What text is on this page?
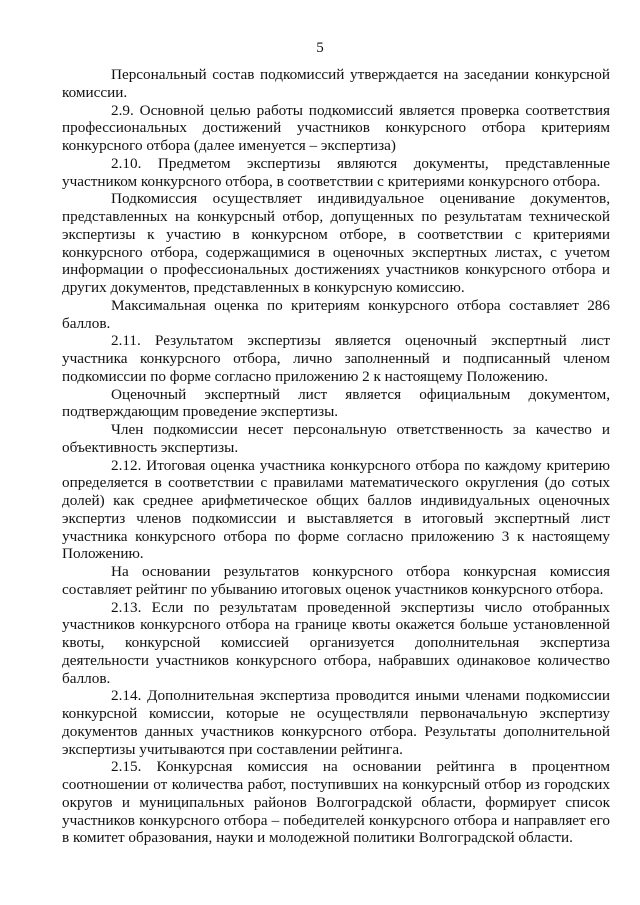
5

Персональный состав подкомиссий утверждается на заседании конкурсной комиссии.

2.9. Основной целью работы подкомиссий является проверка соответствия профессиональных достижений участников конкурсного отбора критериям конкурсного отбора (далее именуется – экспертиза)

2.10. Предметом экспертизы являются документы, представленные участником конкурсного отбора, в соответствии с критериями конкурсного отбора.

Подкомиссия осуществляет индивидуальное оценивание документов, представленных на конкурсный отбор, допущенных по результатам технической экспертизы к участию в конкурсном отборе, в соответствии с критериями конкурсного отбора, содержащимися в оценочных экспертных листах, с учетом информации о профессиональных достижениях участников конкурсного отбора и других документов, представленных в конкурсную комиссию.

Максимальная оценка по критериям конкурсного отбора составляет 286 баллов.

2.11. Результатом экспертизы является оценочный экспертный лист участника конкурсного отбора, лично заполненный и подписанный членом подкомиссии по форме согласно приложению 2 к настоящему Положению.

Оценочный экспертный лист является официальным документом, подтверждающим проведение экспертизы.

Член подкомиссии несет персональную ответственность за качество и объективность экспертизы.

2.12. Итоговая оценка участника конкурсного отбора по каждому критерию определяется в соответствии с правилами математического округления (до сотых долей) как среднее арифметическое общих баллов индивидуальных оценочных экспертиз членов подкомиссии и выставляется в итоговый экспертный лист участника конкурсного отбора по форме согласно приложению 3 к настоящему Положению.

На основании результатов конкурсного отбора конкурсная комиссия составляет рейтинг по убыванию итоговых оценок участников конкурсного отбора.

2.13. Если по результатам проведенной экспертизы число отобранных участников конкурсного отбора на границе квоты окажется больше установленной квоты, конкурсной комиссией организуется дополнительная экспертиза деятельности участников конкурсного отбора, набравших одинаковое количество баллов.

2.14. Дополнительная экспертиза проводится иными членами подкомиссии конкурсной комиссии, которые не осуществляли первоначальную экспертизу документов данных участников конкурсного отбора. Результаты дополнительной экспертизы учитываются при составлении рейтинга.

2.15. Конкурсная комиссия на основании рейтинга в процентном соотношении от количества работ, поступивших на конкурсный отбор из городских округов и муниципальных районов Волгоградской области, формирует список участников конкурсного отбора – победителей конкурсного отбора и направляет его в комитет образования, науки и молодежной политики Волгоградской области.
